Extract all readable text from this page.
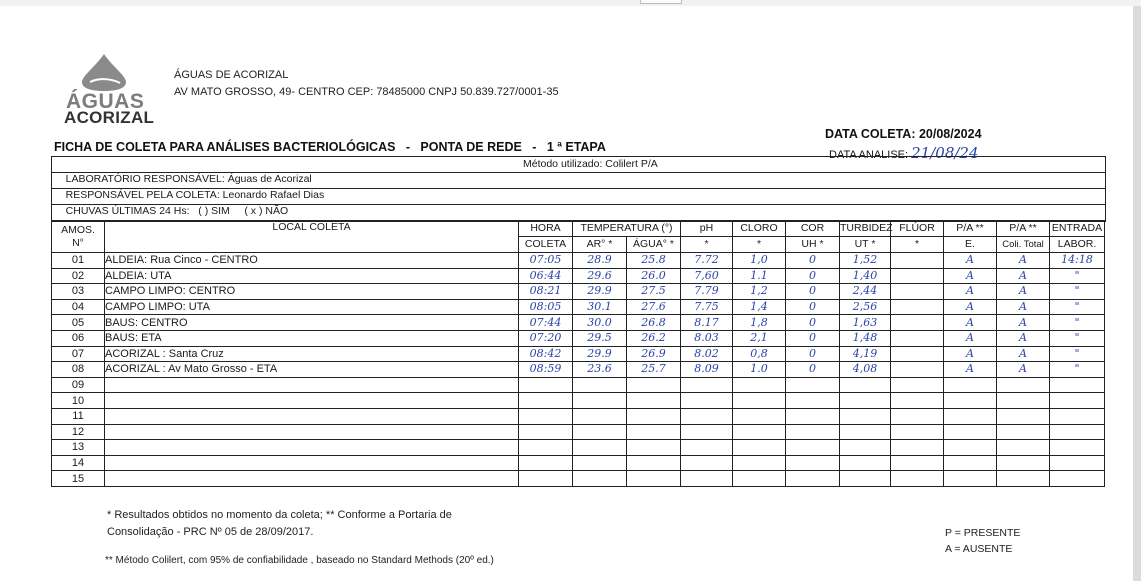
ÁGUAS
ACORIZAL
ÁGUAS DE ACORIZAL
AV MATO GROSSO, 49- CENTRO CEP: 78485000 CNPJ 50.839.727/0001-35
FICHA DE COLETA PARA ANÁLISES BACTERIOLÓGICAS   -   PONTA DE REDE   -   1 ª ETAPA
DATA COLETA: 20/08/2024
DATA ANALISE: 21/08/24

LABORATÓRIO RESPONSÁVEL: Águas de Acorizal

Método utilizado: Colilert P/A

RESPONSÁVEL PELA COLETA: Leonardo Rafael Dias

CHUVAS ÚLTIMAS 24 Hs:   ( ) SIM     ( x ) NÃO

AMOS.
N°	LOCAL COLETA	HORA	TEMPERATURA (°)		pH	CLORO	COR	TURBIDEZ	FLÚOR	P/A **	P/A **	ENTRADA
		COLETA	AR° *	ÁGUA° *	*	*	UH *	UT *	*	E.	Coli. Total	LABOR.
01	ALDEIA: Rua Cinco - CENTRO	07:05	28.9	25.8	7.72	1,0	0	1,52		A	A	14:18
02	ALDEIA: UTA	06:44	29.6	26.0	7,60	1.1	0	1,40		A	A	"
03	CAMPO LIMPO: CENTRO	08:21	29.9	27.5	7.79	1,2	0	2,44		A	A	"
04	CAMPO LIMPO: UTA	08:05	30.1	27.6	7.75	1,4	0	2,56		A	A	"
05	BAUS: CENTRO	07:44	30.0	26.8	8.17	1,8	0	1,63		A	A	"
06	BAUS: ETA	07:20	29.5	26.2	8.03	2,1	0	1,48		A	A	"
07	ACORIZAL : Santa Cruz	08:42	29.9	26.9	8.02	0,8	0	4,19		A	A	"
08	ACORIZAL : Av Mato Grosso - ETA	08:59	23.6	25.7	8.09	1.0	0	4,08		A	A	"
09												
10												
11												
12												
13												
14												
15												
* Resultados obtidos no momento da coleta; ** Conforme a Portaria de
Consolidação - PRC Nº 05 de 28/09/2017.
** Método Colilert, com 95% de confiabilidade , baseado no Standard Methods (20º ed.)
P = PRESENTE
A = AUSENTE
